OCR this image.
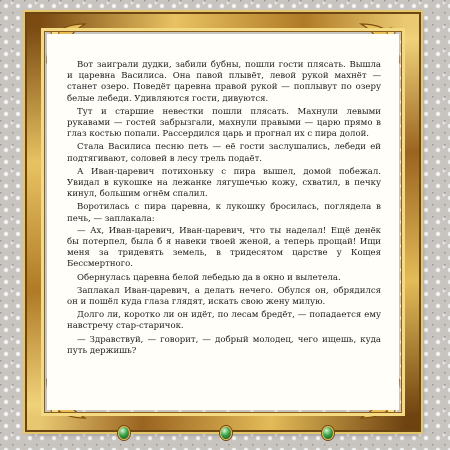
Вот заиграли дудки, забили бубны, пошли гости плясать. Вышла и царевна Василиса. Она павой плывёт, левой рукой махнёт — станет озеро. Поведёт царевна правой рукой — поплывут по озеру белые лебеди. Удивляются гости, дивуются.

Тут и старшие невестки пошли плясать. Махнули левыми рукавами — гостей забрызгали, махнули правыми — царю прямо в глаз костью попали. Рассердился царь и прогнал их с пира долой.

Стала Василиса песню петь — её гости заслушались, лебеди ей подтягивают, соловей в лесу трель подаёт.

А Иван-царевич потихоньку с пира вышел, домой побежал. Увидал в кукошке на лежанке лягушечью кожу, схватил, в печку кинул, большим огнём спалил.

Воротилась с пира царевна, к лукошку бросилась, поглядела в печь, — заплакала:

— Ах, Иван-царевич, Иван-царевич, что ты наделал! Ещё денёк бы потерпел, была б я навеки твоей женой, а теперь прощай! Ищи меня за тридевять земель, в тридесятом царстве у Кощея Бессмертного.

Обернулась царевна белой лебедью да в окно и вылетела.

Заплакал Иван-царевич, а делать нечего. Обулся он, обрядился он и пошёл куда глаза глядят, искать свою жену милую.

Долго ли, коротко ли он идёт, по лесам бредёт, — попадается ему навстречу стар-старичок.

— Здравствуй, — говорит, — добрый молодец, чего ищешь, куда путь держишь?
